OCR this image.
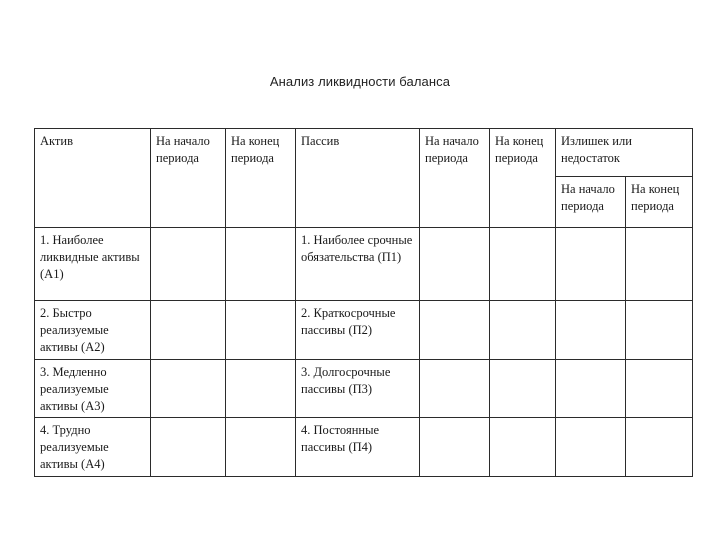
Анализ ликвидности баланса
Актив	На начало периода	На конец периода	Пассив	На начало периода	На конец периода	Излишек или недостаток	
						На начало периода	На конец периода
1. Наиболее ликвидные активы (А1)			1. Наиболее срочные обязательства (П1)				
2. Быстро реализуемые активы (А2)			2. Краткосрочные пассивы (П2)				
3. Медленно реализуемые активы (А3)			3. Долгосрочные пассивы (П3)				
4. Трудно реализуемые активы (А4)			4. Постоянные пассивы (П4)				
